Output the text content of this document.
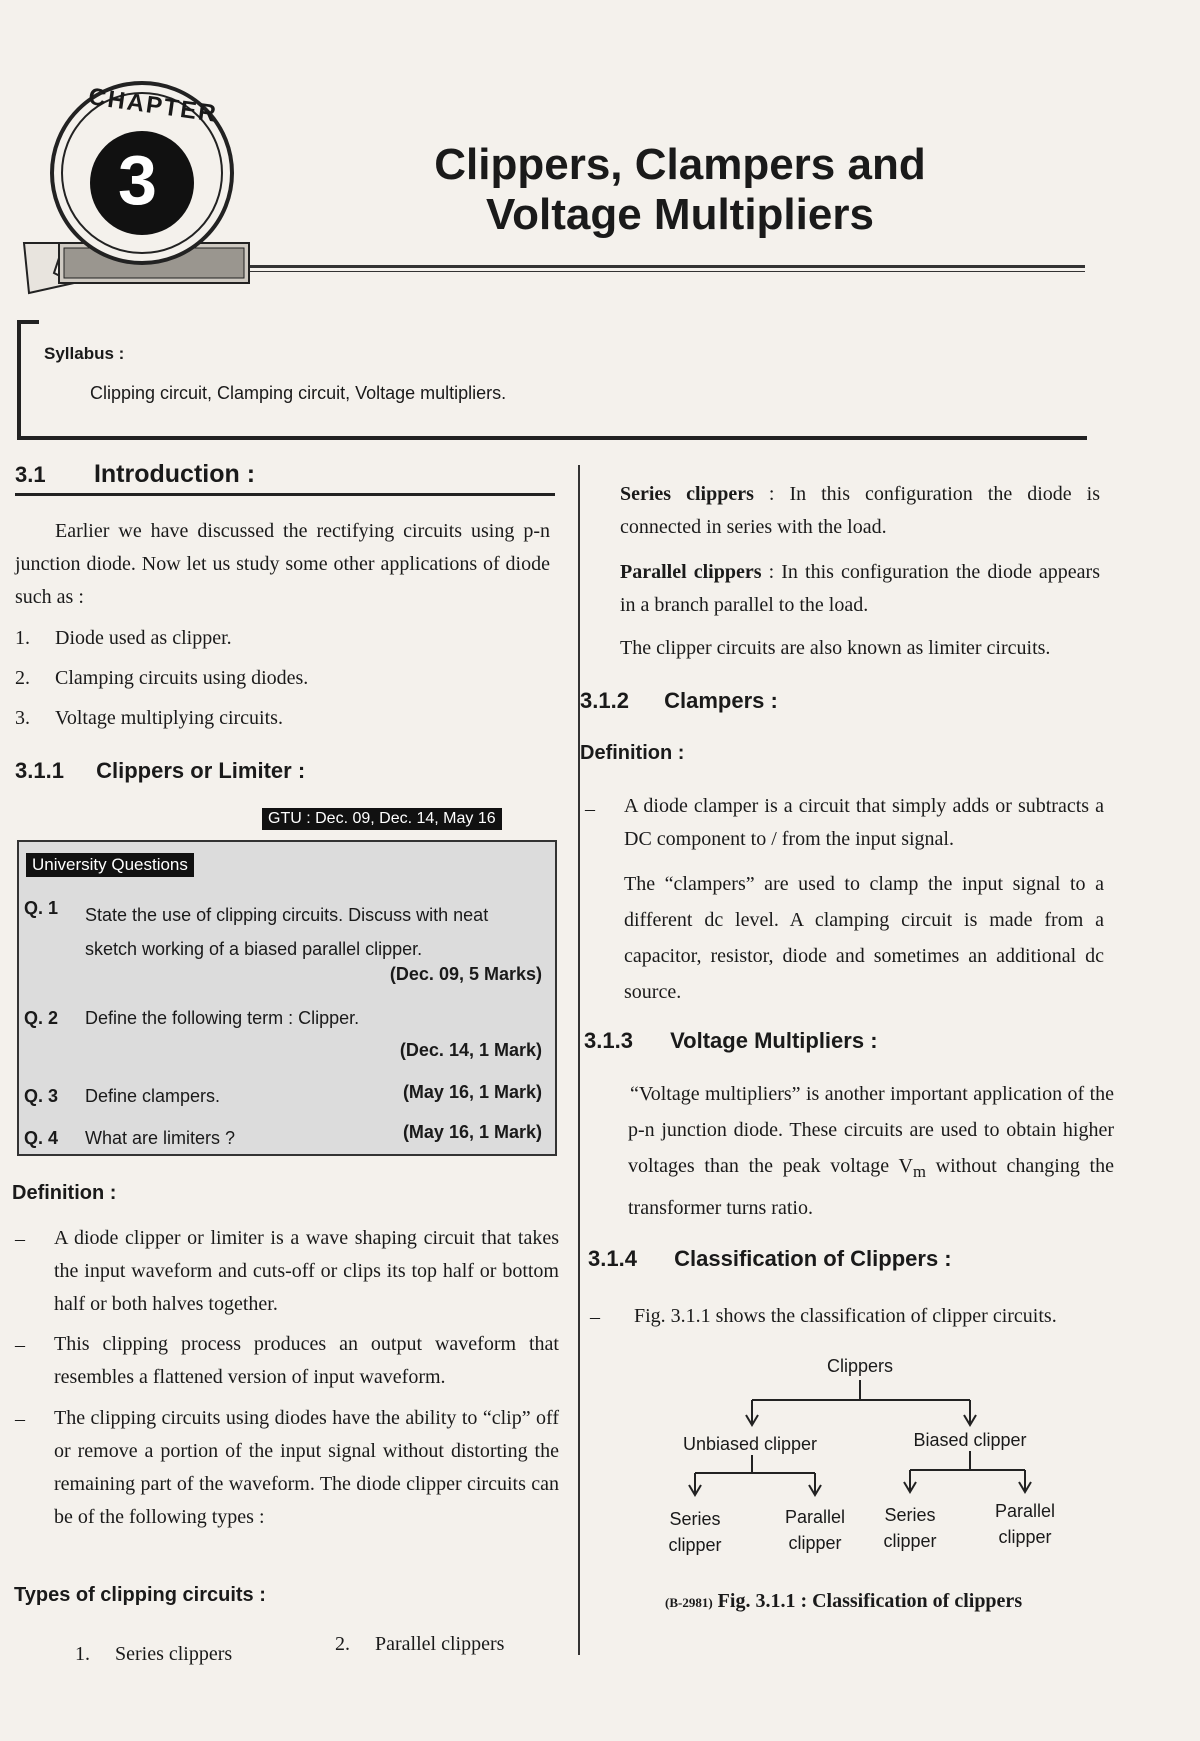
CHAPTER
3	Clippers, Clampers and
Voltage Multipliers
Syllabus :
Clipping circuit, Clamping circuit, Voltage multipliers.
3.1 Introduction :
Earlier we have discussed the rectifying circuits using p-n junction diode. Now let us study some other applications of diode such as :
1. Diode used as clipper.
2. Clamping circuits using diodes.
3. Voltage multiplying circuits.
3.1.1 Clippers or Limiter :
GTU : Dec. 09, Dec. 14, May 16
University Questions
Q. 1 State the use of clipping circuits. Discuss with neat
sketch working of a biased parallel clipper.
(Dec. 09, 5 Marks)
Q. 2 Define the following term : Clipper.
(Dec. 14, 1 Mark)
Q. 3 Define clampers.	(May 16, 1 Mark)
Q. 4 What are limiters ?	(May 16, 1 Mark)
Definition :
– A diode clipper or limiter is a wave shaping circuit that takes the input waveform and cuts-off or clips its top half or bottom half or both halves together.
– This clipping process produces an output waveform that resembles a flattened version of input waveform.
– The clipping circuits using diodes have the ability to “clip” off or remove a portion of the input signal without distorting the remaining part of the waveform. The diode clipper circuits can be of the following types :
Types of clipping circuits :
1. Series clippers	2. Parallel clippers
Series clippers : In this configuration the diode is connected in series with the load.
Parallel clippers : In this configuration the diode appears in a branch parallel to the load.
The clipper circuits are also known as limiter circuits.
3.1.2 Clampers :
Definition :
– A diode clamper is a circuit that simply adds or subtracts a DC component to / from the input signal.
The “clampers” are used to clamp the input signal to a different dc level. A clamping circuit is made from a capacitor, resistor, diode and sometimes an additional dc source.
3.1.3 Voltage Multipliers :
“Voltage multipliers” is another important application of the p-n junction diode. These circuits are used to obtain higher voltages than the peak voltage $V_m$ without changing the transformer turns ratio.
3.1.4 Classification of Clippers :
– Fig. 3.1.1 shows the classification of clipper circuits.
Clippers
Unbiased clipper	Biased clipper
Series
clipper
Parallel
clipper
Series
clipper
Parallel
clipper
(B-2981) Fig. 3.1.1 : Classification of clippers
